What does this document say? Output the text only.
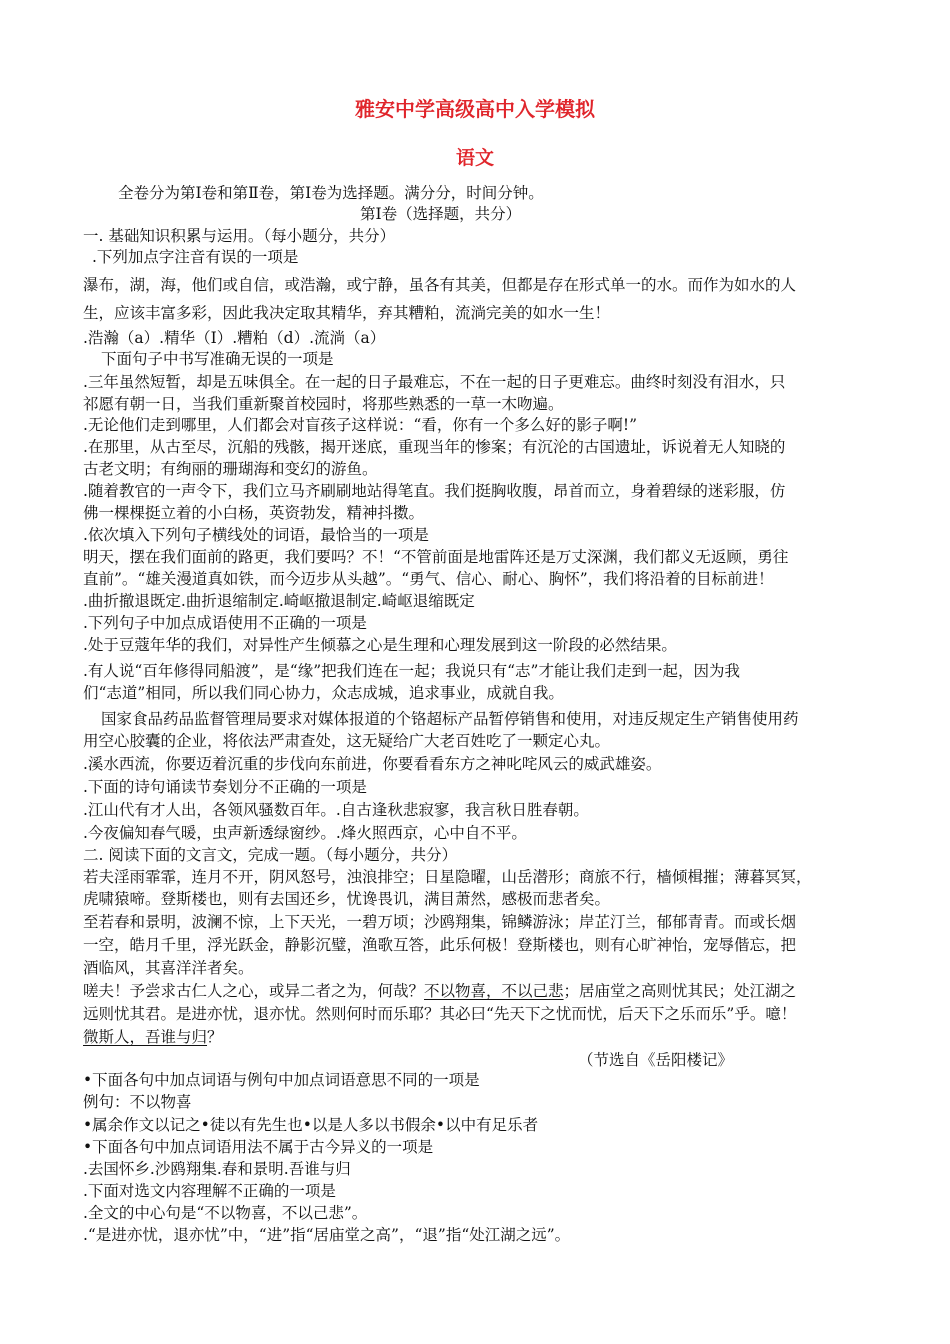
雅安中学高级高中入学模拟
语文
全卷分为第Ⅰ卷和第Ⅱ卷，第Ⅰ卷为选择题。满分分，时间分钟。
第Ⅰ卷（选择题，共分）
一. 基础知识积累与运用。（每小题分，共分）
.下列加点字注音有误的一项是
瀑布，湖，海，他们或自信，或浩瀚，或宁静，虽各有其美，但都是存在形式单一的水。而作为如水的人
生，应该丰富多彩，因此我决定取其精华，弃其糟粕，流淌完美的如水一生！
.浩瀚（a）.精华（I）.糟粕（d）.流淌（a）
下面句子中书写准确无误的一项是
.三年虽然短暂，却是五味俱全。在一起的日子最难忘，不在一起的日子更难忘。曲终时刻没有泪水，只
祁愿有朝一日，当我们重新聚首校园时，将那些熟悉的一草一木吻遍。
.无论他们走到哪里，人们都会对盲孩子这样说：“看，你有一个多么好的影子啊!”
.在那里，从古至尽，沉船的残骸，揭开迷底，重现当年的惨案；有沉沦的古国遗址，诉说着无人知晓的
古老文明；有绚丽的珊瑚海和变幻的游鱼。
.随着教官的一声令下，我们立马齐刷刷地站得笔直。我们挺胸收腹，昂首而立，身着碧绿的迷彩服，仿
佛一棵棵挺立着的小白杨，英资勃发，精神抖擞。
.依次填入下列句子横线处的词语，最恰当的一项是
明天，摆在我们面前的路更，我们要吗？不！“不管前面是地雷阵还是万丈深渊，我们都义无返顾，勇往
直前”。“雄关漫道真如铁，而今迈步从头越”。“勇气、信心、耐心、胸怀”，我们将沿着的目标前进！
.曲折撤退既定.曲折退缩制定.崎岖撤退制定.崎岖退缩既定
.下列句子中加点成语使用不正确的一项是
.处于豆蔻年华的我们，对异性产生倾慕之心是生理和心理发展到这一阶段的必然结果。
.有人说“百年修得同船渡”，是“缘”把我们连在一起；我说只有“志”才能让我们走到一起，因为我
们“志道”相同，所以我们同心协力，众志成城，追求事业，成就自我。
国家食品药品监督管理局要求对媒体报道的个铬超标产品暂停销售和使用，对违反规定生产销售使用药
用空心胶囊的企业，将依法严肃查处，这无疑给广大老百姓吃了一颗定心丸。
.溪水西流，你要迈着沉重的步伐向东前进，你要看看东方之神叱咤风云的威武雄姿。
.下面的诗句诵读节奏划分不正确的一项是
.江山代有才人出，各领风骚数百年。.自古逢秋悲寂寥，我言秋日胜春朝。
.今夜偏知春气暖，虫声新透绿窗纱。.烽火照西京，心中自不平。
二. 阅读下面的文言文，完成一题。（每小题分，共分）
若夫淫雨霏霏，连月不开，阴风怒号，浊浪排空；日星隐曜，山岳潜形；商旅不行，樯倾楫摧；薄暮冥冥，
虎啸猿啼。登斯楼也，则有去国还乡，忧谗畏讥，满目萧然，感极而悲者矣。
至若春和景明，波澜不惊，上下天光，一碧万顷；沙鸥翔集，锦鳞游泳；岸芷汀兰，郁郁青青。而或长烟
一空，皓月千里，浮光跃金，静影沉璧，渔歌互答，此乐何极！登斯楼也，则有心旷神怡，宠辱偕忘，把
酒临风，其喜洋洋者矣。
嗟夫！予尝求古仁人之心，或异二者之为，何哉？不以物喜，不以己悲；居庙堂之高则忧其民；处江湖之
远则忧其君。是进亦忧，退亦忧。然则何时而乐耶？其必曰“先天下之忧而忧，后天下之乐而乐”乎。噫！
微斯人，吾谁与归？
（节选自《岳阳楼记》
•下面各句中加点词语与例句中加点词语意思不同的一项是
例句：不以物喜
•属余作文以记之•徒以有先生也•以是人多以书假余•以中有足乐者
•下面各句中加点词语用法不属于古今异义的一项是
.去国怀乡.沙鸥翔集.春和景明.吾谁与归
.下面对选文内容理解不正确的一项是
.全文的中心句是“不以物喜，不以己悲”。
.“是进亦忧，退亦忧”中，“进”指“居庙堂之高”，“退”指“处江湖之远”。
